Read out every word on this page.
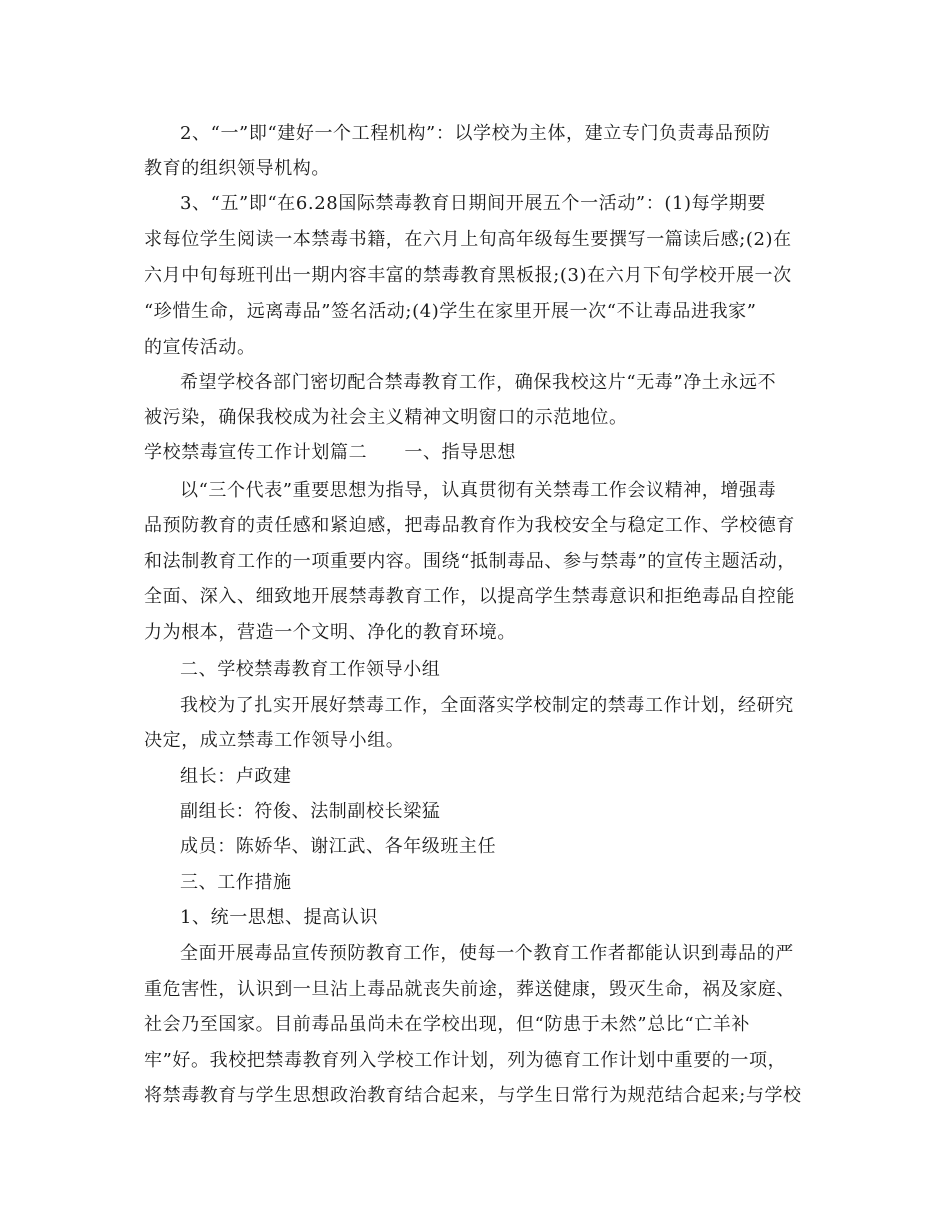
2、“一”即“建好一个工程机构”：以学校为主体，建立专门负责毒品预防
教育的组织领导机构。
3、“五”即“在6.28国际禁毒教育日期间开展五个一活动”：(1)每学期要
求每位学生阅读一本禁毒书籍，在六月上旬高年级每生要撰写一篇读后感;(2)在
六月中旬每班刊出一期内容丰富的禁毒教育黑板报;(3)在六月下旬学校开展一次
“珍惜生命，远离毒品”签名活动;(4)学生在家里开展一次“不让毒品进我家”
的宣传活动。
希望学校各部门密切配合禁毒教育工作，确保我校这片“无毒”净土永远不
被污染，确保我校成为社会主义精神文明窗口的示范地位。
学校禁毒宣传工作计划篇二　　一、指导思想
以“三个代表”重要思想为指导，认真贯彻有关禁毒工作会议精神，增强毒
品预防教育的责任感和紧迫感，把毒品教育作为我校安全与稳定工作、学校德育
和法制教育工作的一项重要内容。围绕“抵制毒品、参与禁毒”的宣传主题活动，
全面、深入、细致地开展禁毒教育工作，以提高学生禁毒意识和拒绝毒品自控能
力为根本，营造一个文明、净化的教育环境。
二、学校禁毒教育工作领导小组
我校为了扎实开展好禁毒工作，全面落实学校制定的禁毒工作计划，经研究
决定，成立禁毒工作领导小组。
组长：卢政建
副组长：符俊、法制副校长梁猛
成员：陈娇华、谢江武、各年级班主任
三、工作措施
1、统一思想、提高认识
全面开展毒品宣传预防教育工作，使每一个教育工作者都能认识到毒品的严
重危害性，认识到一旦沾上毒品就丧失前途，葬送健康，毁灭生命，祸及家庭、
社会乃至国家。目前毒品虽尚未在学校出现，但“防患于未然”总比“亡羊补
牢”好。我校把禁毒教育列入学校工作计划，列为德育工作计划中重要的一项，
将禁毒教育与学生思想政治教育结合起来，与学生日常行为规范结合起来;与学校
